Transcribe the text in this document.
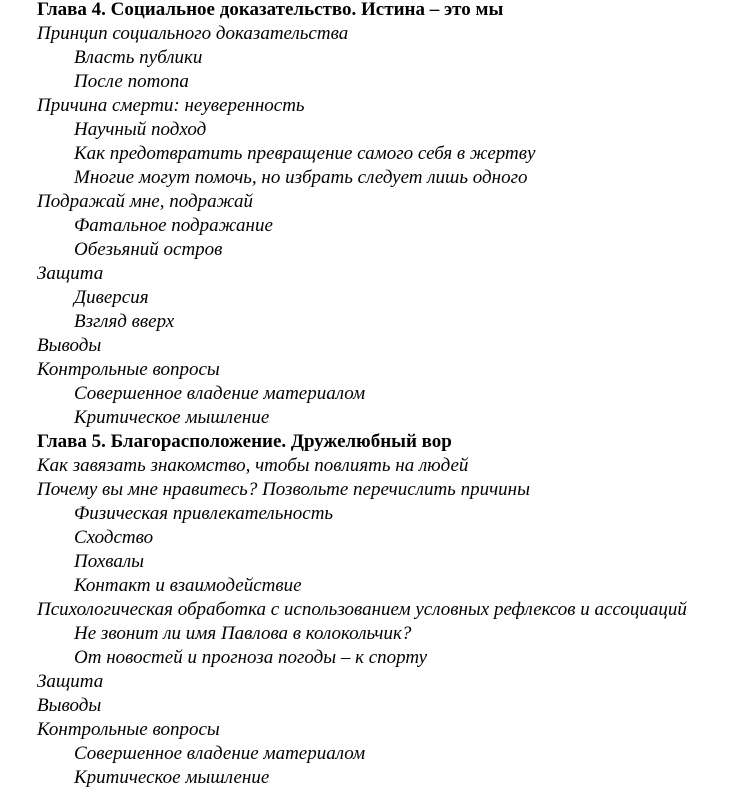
Глава 4. Социальное доказательство. Истина – это мы
Принцип социального доказательства
Власть публики
После потопа
Причина смерти: неуверенность
Научный подход
Как предотвратить превращение самого себя в жертву
Многие могут помочь, но избрать следует лишь одного
Подражай мне, подражай
Фатальное подражание
Обезьяний остров
Защита
Диверсия
Взгляд вверх
Выводы
Контрольные вопросы
Совершенное владение материалом
Критическое мышление
Глава 5. Благорасположение. Дружелюбный вор
Как завязать знакомство, чтобы повлиять на людей
Почему вы мне нравитесь? Позвольте перечислить причины
Физическая привлекательность
Сходство
Похвалы
Контакт и взаимодействие
Психологическая обработка с использованием условных рефлексов и ассоциаций
Не звонит ли имя Павлова в колокольчик?
От новостей и прогноза погоды – к спорту
Защита
Выводы
Контрольные вопросы
Совершенное владение материалом
Критическое мышление
